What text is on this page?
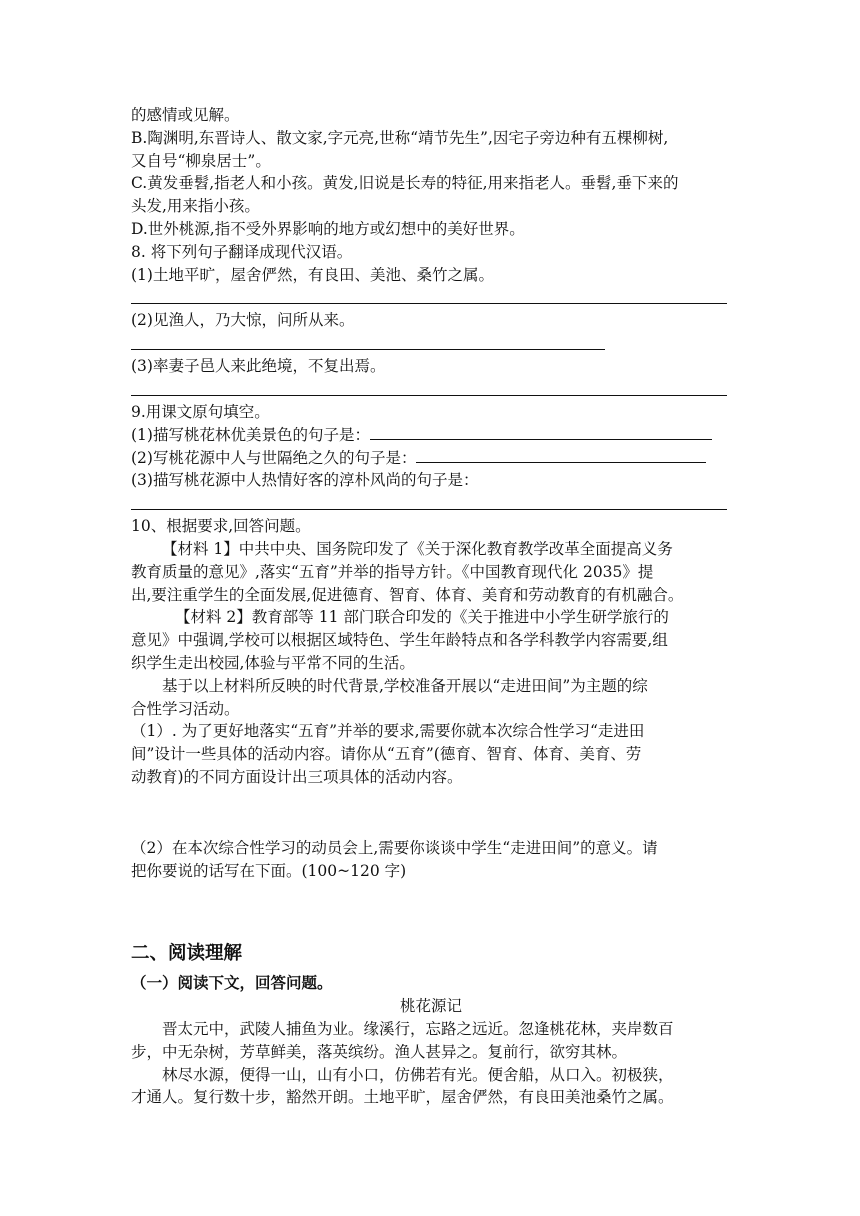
的感情或见解。
B.陶渊明,东晋诗人、散文家,字元亮,世称“靖节先生”,因宅子旁边种有五棵柳树,
又自号“柳泉居士”。
C.黄发垂髫,指老人和小孩。黄发,旧说是长寿的特征,用来指老人。垂髫,垂下来的
头发,用来指小孩。
D.世外桃源,指不受外界影响的地方或幻想中的美好世界。
8. 将下列句子翻译成现代汉语。
(1)土地平旷，屋舍俨然，有良田、美池、桑竹之属。
(2)见渔人，乃大惊，问所从来。
(3)率妻子邑人来此绝境，不复出焉。
9.用课文原句填空。
(1)描写桃花林优美景色的句子是：
(2)写桃花源中人与世隔绝之久的句子是：
(3)描写桃花源中人热情好客的淳朴风尚的句子是：
10、根据要求,回答问题。
【材料 1】中共中央、国务院印发了《关于深化教育教学改革全面提高义务
教育质量的意见》,落实“五育”并举的指导方针。《中国教育现代化 2035》提
出,要注重学生的全面发展,促进德育、智育、体育、美育和劳动教育的有机融合。
【材料 2】教育部等 11 部门联合印发的《关于推进中小学生研学旅行的
意见》中强调,学校可以根据区域特色、学生年龄特点和各学科教学内容需要,组
织学生走出校园,体验与平常不同的生活。
基于以上材料所反映的时代背景,学校准备开展以“走进田间”为主题的综
合性学习活动。
（1）. 为了更好地落实“五育”并举的要求,需要你就本次综合性学习“走进田
间”设计一些具体的活动内容。请你从“五育”(德育、智育、体育、美育、劳
动教育)的不同方面设计出三项具体的活动内容。
（2）在本次综合性学习的动员会上,需要你谈谈中学生“走进田间”的意义。请
把你要说的话写在下面。(100~120 字)
二、阅读理解
（一）阅读下文，回答问题。
桃花源记
晋太元中，武陵人捕鱼为业。缘溪行，忘路之远近。忽逢桃花林，夹岸数百
步，中无杂树，芳草鲜美，落英缤纷。渔人甚异之。复前行，欲穷其林。
林尽水源，便得一山，山有小口，仿佛若有光。便舍船，从口入。初极狭，
才通人。复行数十步，豁然开朗。土地平旷，屋舍俨然，有良田美池桑竹之属。
